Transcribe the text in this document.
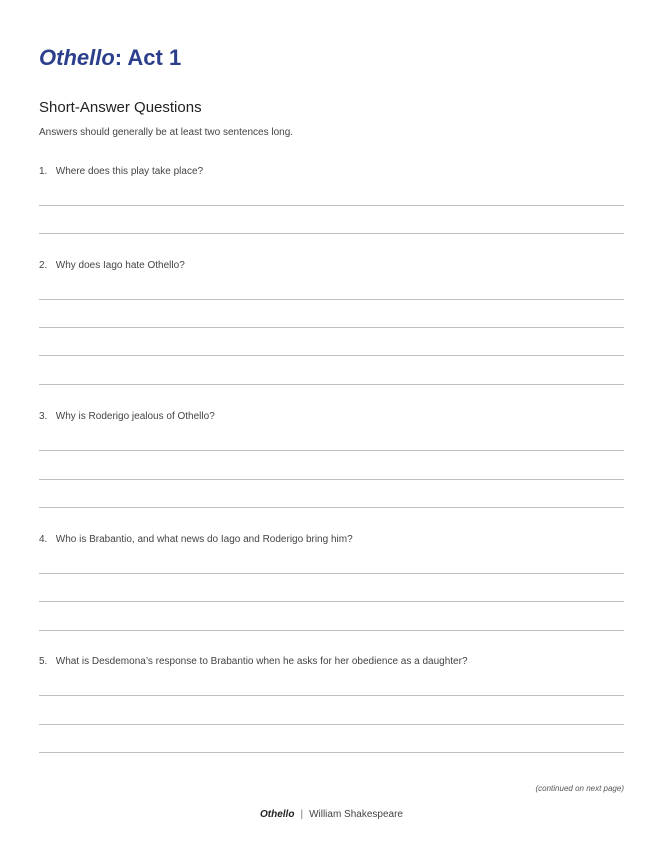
Othello: Act 1
Short-Answer Questions
Answers should generally be at least two sentences long.
1. Where does this play take place?
2. Why does Iago hate Othello?
3. Why is Roderigo jealous of Othello?
4. Who is Brabantio, and what news do Iago and Roderigo bring him?
5. What is Desdemona’s response to Brabantio when he asks for her obedience as a daughter?
(continued on next page)
Othello | William Shakespeare
